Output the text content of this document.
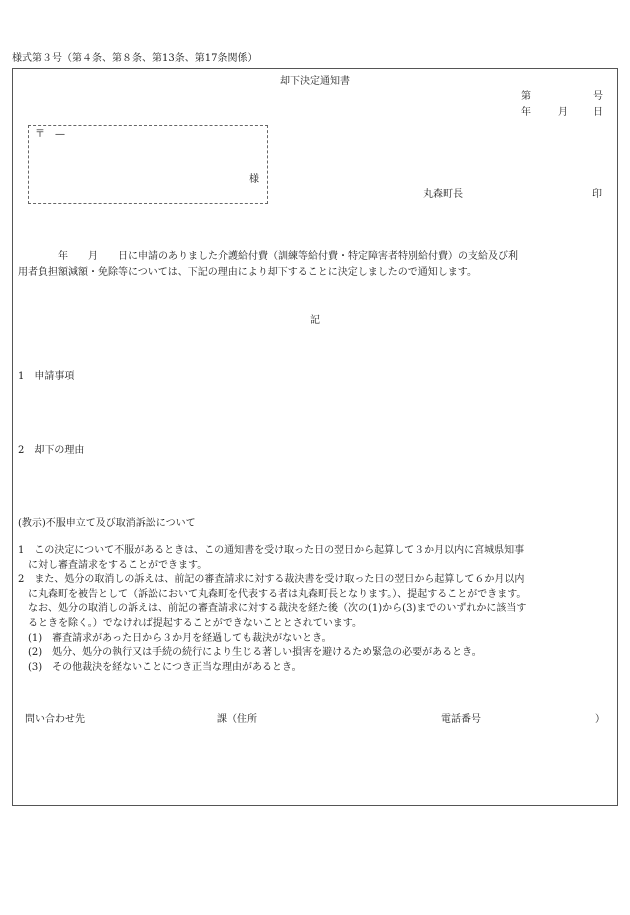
様式第３号（第４条、第８条、第13条、第17条関係）
却下決定通知書
第	号
年	月	日
〒 —
様
丸森町長	印
　　　　年　　月　　日に申請のありました介護給付費（訓練等給付費・特定障害者特別給付費）の支給及び利
用者負担額減額・免除等については、下記の理由により却下することに決定しましたので通知します。
記
1　申請事項
2　却下の理由
(教示)不服申立て及び取消訴訟について
1　この決定について不服があるときは、この通知書を受け取った日の翌日から起算して３か月以内に宮城県知事
　に対し審査請求をすることができます。
2　また、処分の取消しの訴えは、前記の審査請求に対する裁決書を受け取った日の翌日から起算して６か月以内
　に丸森町を被告として（訴訟において丸森町を代表する者は丸森町長となります。）、提起することができます。
　なお、処分の取消しの訴えは、前記の審査請求に対する裁決を経た後（次の(1)から(3)までのいずれかに該当す
　るときを除く。）でなければ提起することができないこととされています。
　(1)　審査請求があった日から３か月を経過しても裁決がないとき。
　(2)　処分、処分の執行又は手続の続行により生じる著しい損害を避けるため緊急の必要があるとき。
　(3)　その他裁決を経ないことにつき正当な理由があるとき。
問い合わせ先	課（住所	電話番号	）
